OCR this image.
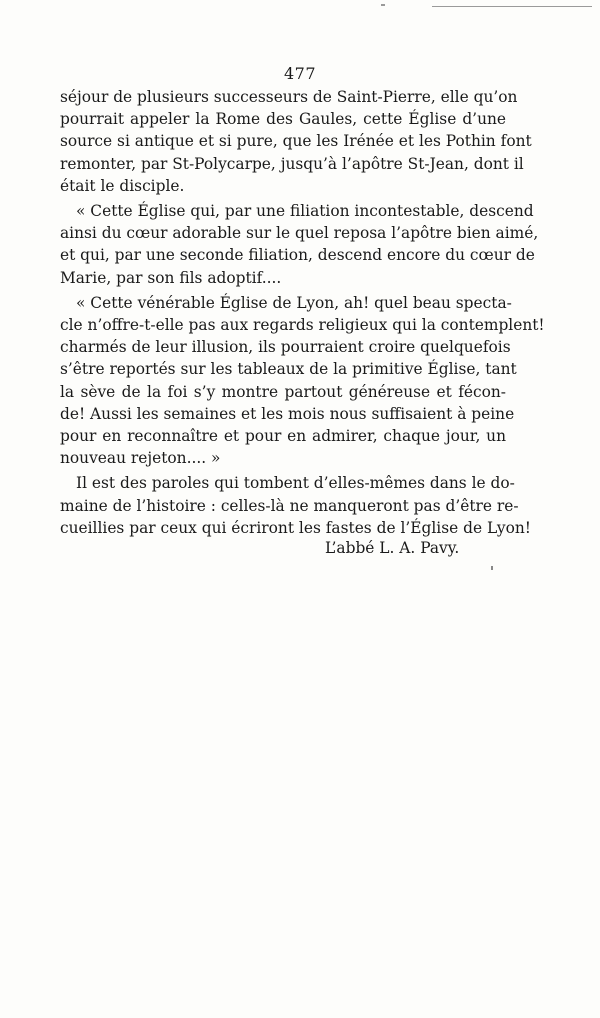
477
séjour de plusieurs successeurs de Saint-Pierre, elle qu’on
pourrait appeler la Rome des Gaules, cette Église d’une
source si antique et si pure, que les Irénée et les Pothin font
remonter, par St-Polycarpe, jusqu’à l’apôtre St-Jean, dont il
était le disciple.
« Cette Église qui, par une filiation incontestable, descend
ainsi du cœur adorable sur le quel reposa l’apôtre bien aimé,
et qui, par une seconde filiation, descend encore du cœur de
Marie, par son fils adoptif....
« Cette vénérable Église de Lyon, ah! quel beau specta-
cle n’offre-t-elle pas aux regards religieux qui la contemplent!
charmés de leur illusion, ils pourraient croire quelquefois
s’être reportés sur les tableaux de la primitive Église, tant
la sève de la foi s’y montre partout généreuse et fécon-
de! Aussi les semaines et les mois nous suffisaient à peine
pour en reconnaître et pour en admirer, chaque jour, un
nouveau rejeton.... »
Il est des paroles qui tombent d’elles-mêmes dans le do-
maine de l’histoire : celles-là ne manqueront pas d’être re-
cueillies par ceux qui écriront les fastes de l’Église de Lyon!
L’abbé L. A. Pavy.
